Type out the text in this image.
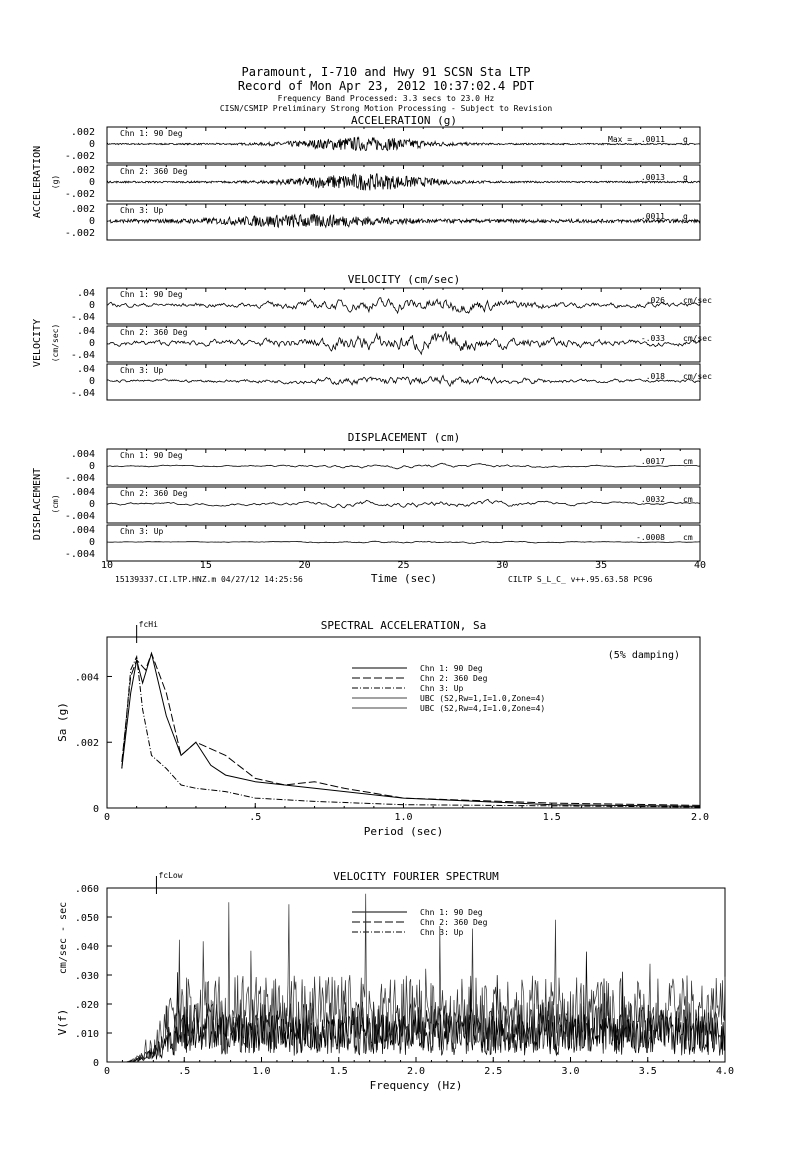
Paramount, I-710 and Hwy 91 SCSN Sta LTP
Record of Mon Apr 23, 2012 10:37:02.4 PDT
Frequency Band Processed: 3.3 secs to 23.0 Hz
CISN/CSMIP Preliminary Strong Motion Processing - Subject to Revision
15139337.CI.LTP.HNZ.m 04/27/12 14:25:56	CILTP S_L_C_ v++.95.63.58 PC96
Time (sec)
ACCELERATION (g)
ACCELERATION (g)
.002
0
-.002
Chn 1: 90 Deg
.0011 g
Max =
.002
0
-.002
Chn 2: 360 Deg
.0013 g
.002
0
-.002
Chn 3: Up
.0011 g
VELOCITY (cm/sec)
VELOCITY (cm/sec)
.04
0
-.04
Chn 1: 90 Deg
.026 cm/sec
.04
0
-.04
Chn 2: 360 Deg
-.033 cm/sec
.04
0
-.04
Chn 3: Up
.018 cm/sec
DISPLACEMENT (cm)
DISPLACEMENT (cm)
.004
0
-.004
Chn 1: 90 Deg
.0017 cm
.004
0
-.004
Chn 2: 360 Deg
.0032 cm
.004
0
-.004
Chn 3: Up
-.0008 cm
10	15	20	25	30	35	40
SPECTRAL ACCELERATION, Sa
0	.5	1.0	1.5	2.0
0
.002
.004
Period (sec)
Sa (g)
fcHi
Chn 1: 90 Deg
Chn 2: 360 Deg
Chn 3: Up
UBC (S2,Rw=1,I=1.0,Zone=4)
UBC (S2,Rw=4,I=1.0,Zone=4)
(5% damping)
VELOCITY FOURIER SPECTRUM
0	.5	1.0	1.5	2.0	2.5	3.0	3.5	4.0
0
.010
.020
.030
.040
.050
.060
Frequency (Hz)
V(f)
fcLow
Chn 1: 90 Deg
Chn 2: 360 Deg
Chn 3: Up
cm/sec - sec
